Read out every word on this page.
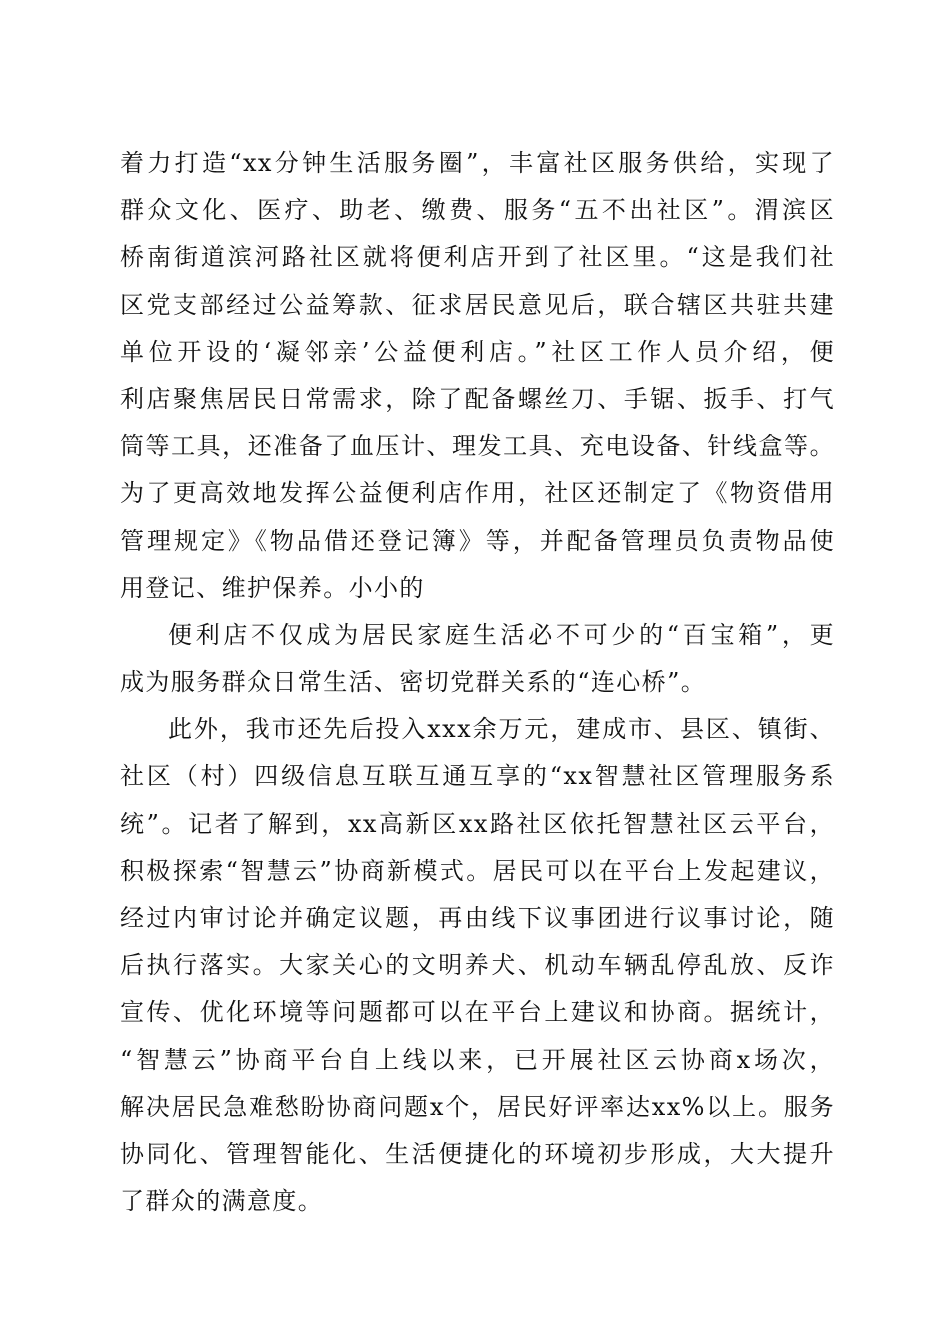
着力打造“xx分钟生活服务圈”，丰富社区服务供给，实现了
群众文化、医疗、助老、缴费、服务“五不出社区”。渭滨区
桥南街道滨河路社区就将便利店开到了社区里。“这是我们社
区党支部经过公益筹款、征求居民意见后，联合辖区共驻共建
单位开设的‘凝邻亲’公益便利店。”社区工作人员介绍，便
利店聚焦居民日常需求，除了配备螺丝刀、手锯、扳手、打气
筒等工具，还准备了血压计、理发工具、充电设备、针线盒等。
为了更高效地发挥公益便利店作用，社区还制定了《物资借用
管理规定》《物品借还登记簿》等，并配备管理员负责物品使
用登记、维护保养。小小的
便利店不仅成为居民家庭生活必不可少的“百宝箱”，更
成为服务群众日常生活、密切党群关系的“连心桥”。
此外，我市还先后投入xxx余万元，建成市、县区、镇街、
社区（村）四级信息互联互通互享的“xx智慧社区管理服务系
统”。记者了解到，xx高新区xx路社区依托智慧社区云平台，
积极探索“智慧云”协商新模式。居民可以在平台上发起建议，
经过内审讨论并确定议题，再由线下议事团进行议事讨论，随
后执行落实。大家关心的文明养犬、机动车辆乱停乱放、反诈
宣传、优化环境等问题都可以在平台上建议和协商。据统计，
“智慧云”协商平台自上线以来，已开展社区云协商x场次，
解决居民急难愁盼协商问题x个，居民好评率达xx%以上。服务
协同化、管理智能化、生活便捷化的环境初步形成，大大提升
了群众的满意度。
